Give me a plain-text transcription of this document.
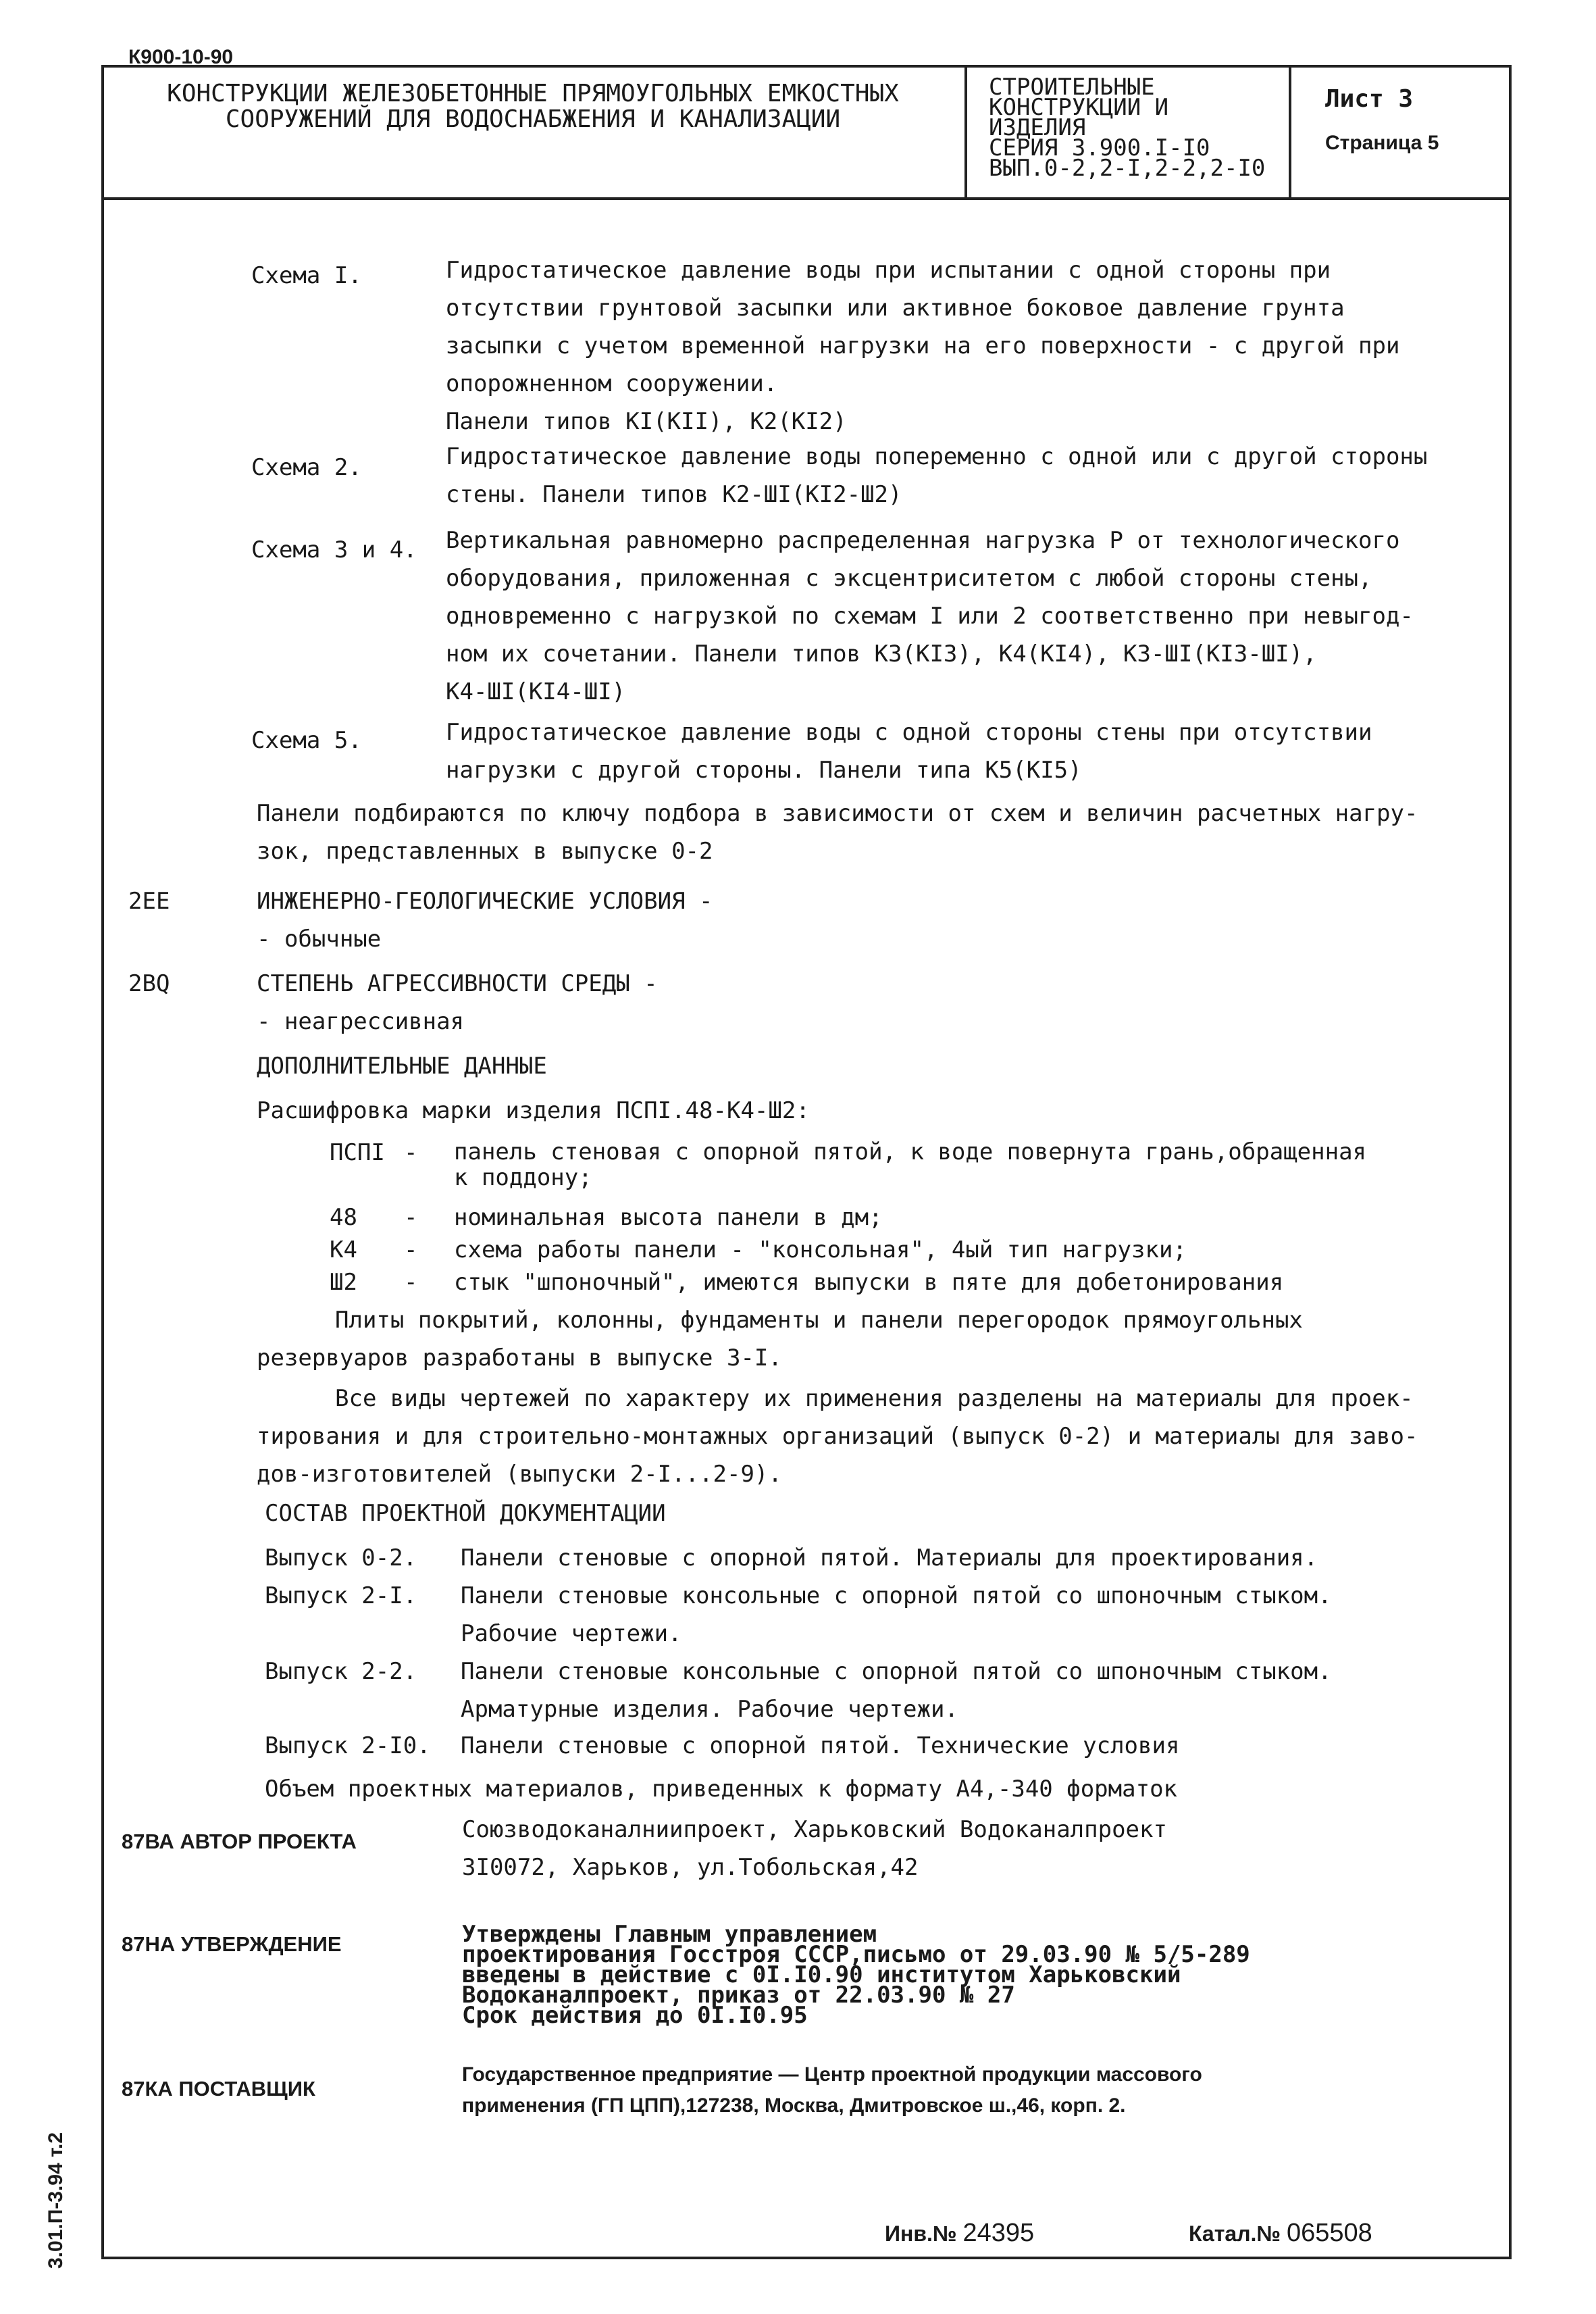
К900-10-90
КОНСТРУКЦИИ ЖЕЛЕЗОБЕТОННЫЕ ПРЯМОУГОЛЬНЫХ ЕМКОСТНЫХ СООРУЖЕНИЙ ДЛЯ ВОДОСНАБЖЕНИЯ И КАНАЛИЗАЦИИ
СТРОИТЕЛЬНЫЕ
КОНСТРУКЦИИ И
ИЗДЕЛИЯ
СЕРИЯ 3.900.I-I0
ВЫП.0-2,2-I,2-2,2-I0
Лист 3
Страница 5
Схема I.	Гидростатическое давление воды при испытании с одной стороны при
отсутствии грунтовой засыпки или активное боковое давление грунта
засыпки с учетом временной нагрузки на его поверхности - с другой при
опорожненном сооружении.
Панели типов КI(КII), К2(КI2)
Схема 2.	Гидростатическое давление воды попеременно с одной или с другой стороны
стены. Панели типов К2-ШI(КI2-Ш2)
Схема 3 и 4. Вертикальная равномерно распределенная нагрузка Р от технологического
оборудования, приложенная с эксцентриситетом с любой стороны стены,
одновременно с нагрузкой по схемам I или 2 соответственно при невыгод-
ном их сочетании. Панели типов К3(КI3), К4(КI4), К3-ШI(КI3-ШI),
К4-ШI(КI4-ШI)
Схема 5.	Гидростатическое давление воды с одной стороны стены при отсутствии
нагрузки с другой стороны. Панели типа К5(КI5)
Панели подбираются по ключу подбора в зависимости от схем и величин расчетных нагру-
зок, представленных в выпуске 0-2
2ЕЕ	ИНЖЕНЕРНО-ГЕОЛОГИЧЕСКИЕ УСЛОВИЯ -
- обычные
2ВQ	СТЕПЕНЬ АГРЕССИВНОСТИ СРЕДЫ -
- неагрессивная
ДОПОЛНИТЕЛЬНЫЕ ДАННЫЕ
Расшифровка марки изделия ПСПI.48-К4-Ш2:
ПСПI - панель стеновая с опорной пятой, к воде повернута грань,обращенная
к поддону;
48 - номинальная высота панели в дм;
К4 - схема работы панели - "консольная", 4ый тип нагрузки;
Ш2 - стык "шпоночный", имеются выпуски в пяте для добетонирования
Плиты покрытий, колонны, фундаменты и панели перегородок прямоугольных
резервуаров разработаны в выпуске 3-I.
Все виды чертежей по характеру их применения разделены на материалы для проек-
тирования и для строительно-монтажных организаций (выпуск 0-2) и материалы для заво-
дов-изготовителей (выпуски 2-I...2-9).
СОСТАВ ПРОЕКТНОЙ ДОКУМЕНТАЦИИ
Выпуск 0-2. Панели стеновые с опорной пятой. Материалы для проектирования.
Выпуск 2-I. Панели стеновые консольные с опорной пятой со шпоночным стыком.
Рабочие чертежи.
Выпуск 2-2. Панели стеновые консольные с опорной пятой со шпоночным стыком.
Арматурные изделия. Рабочие чертежи.
Выпуск 2-I0. Панели стеновые с опорной пятой. Технические условия
Объем проектных материалов, приведенных к формату А4,-340 форматок
87ВА АВТОР ПРОЕКТА	Союзводоканалниипроект, Харьковский Водоканалпроект
3I0072, Харьков, ул.Тобольская,42
87НА УТВЕРЖДЕНИЕ	Утверждены Главным управлением
проектирования Госстроя СССР,письмо от 29.03.90 № 5/5-289
введены в действие с 0I.I0.90 институтом Харьковский
Водоканалпроект, приказ от 22.03.90 № 27
Срок действия до 0I.I0.95
87КА ПОСТАВЩИК
Государственное предприятие — Центр проектной продукции массового
применения (ГП ЦПП),127238, Москва, Дмитровское ш.,46, корп. 2.
Инв.№ 24395	Катал.№ 065508
3.01.П-3.94 т.2
